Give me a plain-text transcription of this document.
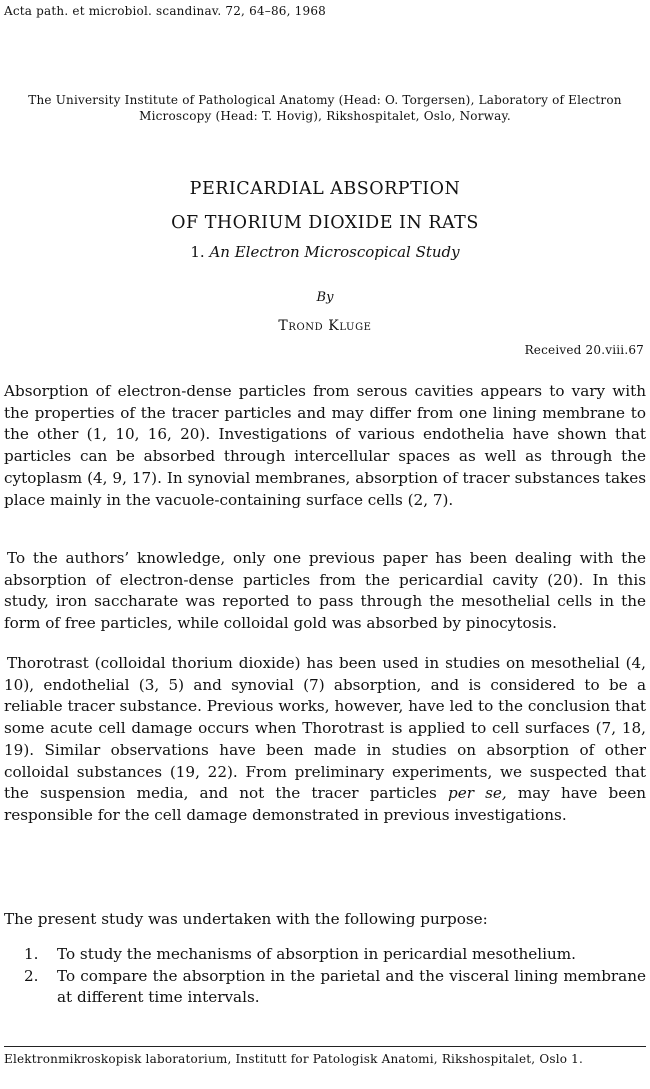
Acta path. et microbiol. scandinav. 72, 64–86, 1968
The University Institute of Pathological Anatomy (Head: O. Torgersen), Laboratory of Electron Microscopy (Head: T. Hovig), Rikshospitalet, Oslo, Norway.
PERICARDIAL ABSORPTION
OF THORIUM DIOXIDE IN RATS
1. An Electron Microscopical Study
By
Trond Kluge
Received 20.viii.67

Absorption of electron-dense particles from serous cavities appears to vary with the properties of the tracer particles and may differ from one lining membrane to the other (1, 10, 16, 20). Investigations of various endothelia have shown that particles can be absorbed through intercellular spaces as well as through the cytoplasm (4, 9, 17). In synovial membranes, absorption of tracer substances takes place mainly in the vacuole-containing surface cells (2, 7).

To the authors’ knowledge, only one previous paper has been dealing with the absorption of electron-dense particles from the pericardial cavity (20). In this study, iron saccharate was reported to pass through the mesothelial cells in the form of free particles, while colloidal gold was absorbed by pinocytosis.

Thorotrast (colloidal thorium dioxide) has been used in studies on mesothelial (4, 10), endothelial (3, 5) and synovial (7) absorption, and is considered to be a reliable tracer substance. Previous works, however, have led to the conclusion that some acute cell damage occurs when Thorotrast is applied to cell surfaces (7, 18, 19). Similar observations have been made in studies on absorption of other colloidal substances (19, 22). From preliminary experiments, we suspected that the suspension media, and not the tracer particles per se, may have been responsible for the cell damage demonstrated in previous investigations.

The present study was undertaken with the following purpose:

1.	To study the mechanisms of absorption in pericardial mesothelium.
2.	To compare the absorption in the parietal and the visceral lining membrane at different time intervals.
Elektronmikroskopisk laboratorium, Institutt for Patologisk Anatomi, Rikshospitalet, Oslo 1.
